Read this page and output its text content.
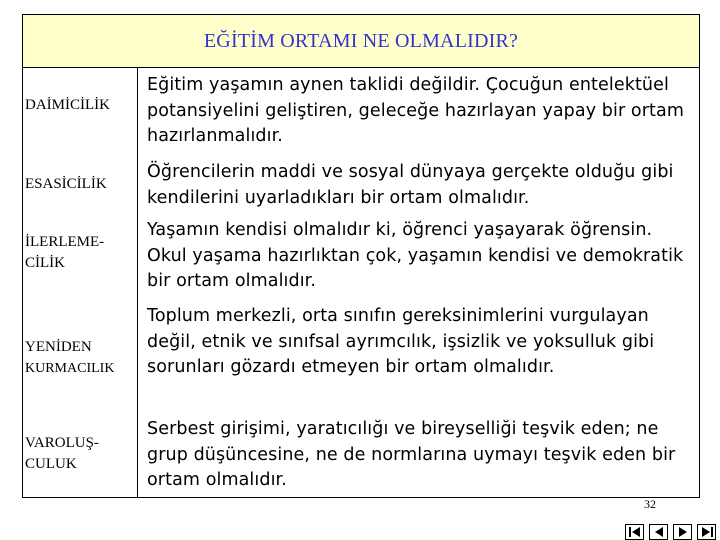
EĞİTİM ORTAMI NE OLMALIDIR?
DAİMİCİLİK
Eğitim yaşamın aynen taklidi değildir. Çocuğun entelektüel potansiyelini geliştiren, geleceğe hazırlayan yapay bir ortam hazırlanmalıdır.
ESASİCİLİK
Öğrencilerin maddi ve sosyal dünyaya gerçekte olduğu gibi kendilerini uyarladıkları bir ortam olmalıdır.
İLERLEME-
CİLİK
Yaşamın kendisi olmalıdır ki, öğrenci yaşayarak öğrensin. Okul yaşama hazırlıktan çok, yaşamın kendisi ve demokratik bir ortam olmalıdır.
YENİDEN
KURMACILIK
Toplum merkezli, orta sınıfın gereksinimlerini vurgulayan değil, etnik ve sınıfsal ayrımcılık, işsizlik ve yoksulluk gibi sorunları gözardı etmeyen bir ortam olmalıdır.
VAROLUŞ-
CULUK
Serbest girişimi, yaratıcılığı ve bireyselliği teşvik eden; ne grup düşüncesine, ne de normlarına uymayı teşvik eden bir ortam olmalıdır.
32
